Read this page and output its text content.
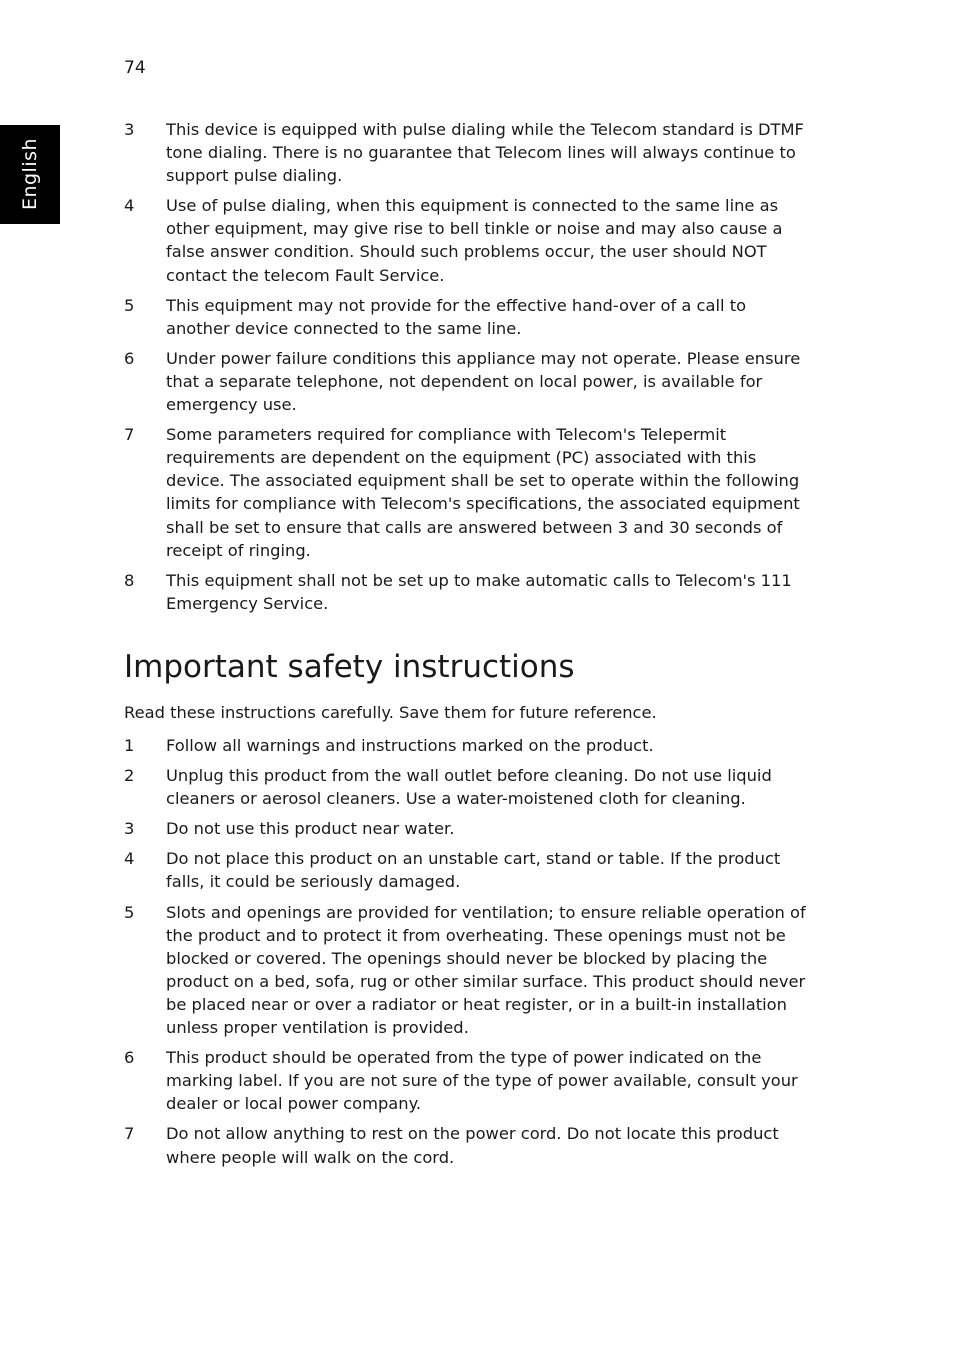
74
English
3 This device is equipped with pulse dialing while the Telecom standard is DTMF tone dialing. There is no guarantee that Telecom lines will always continue to support pulse dialing.
4 Use of pulse dialing, when this equipment is connected to the same line as other equipment, may give rise to bell tinkle or noise and may also cause a false answer condition. Should such problems occur, the user should NOT contact the telecom Fault Service.
5 This equipment may not provide for the effective hand-over of a call to another device connected to the same line.
6 Under power failure conditions this appliance may not operate. Please ensure that a separate telephone, not dependent on local power, is available for emergency use.
7 Some parameters required for compliance with Telecom's Telepermit requirements are dependent on the equipment (PC) associated with this device. The associated equipment shall be set to operate within the following limits for compliance with Telecom's specifications, the associated equipment shall be set to ensure that calls are answered between 3 and 30 seconds of receipt of ringing.
8 This equipment shall not be set up to make automatic calls to Telecom's 111 Emergency Service.
Important safety instructions

Read these instructions carefully. Save them for future reference.

1 Follow all warnings and instructions marked on the product.
2 Unplug this product from the wall outlet before cleaning. Do not use liquid cleaners or aerosol cleaners. Use a water-moistened cloth for cleaning.
3 Do not use this product near water.
4 Do not place this product on an unstable cart, stand or table. If the product falls, it could be seriously damaged.
5 Slots and openings are provided for ventilation; to ensure reliable operation of the product and to protect it from overheating. These openings must not be blocked or covered. The openings should never be blocked by placing the product on a bed, sofa, rug or other similar surface. This product should never be placed near or over a radiator or heat register, or in a built-in installation unless proper ventilation is provided.
6 This product should be operated from the type of power indicated on the marking label. If you are not sure of the type of power available, consult your dealer or local power company.
7 Do not allow anything to rest on the power cord. Do not locate this product where people will walk on the cord.
